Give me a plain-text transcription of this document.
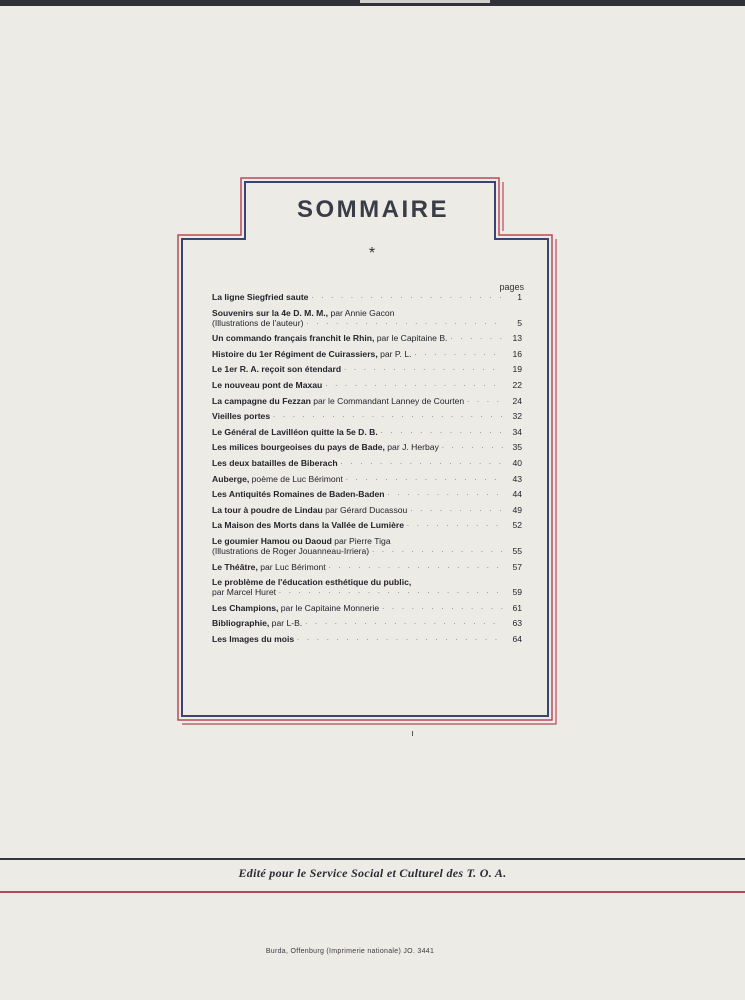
SOMMAIRE
*
pages
La ligne Siegfried saute . . .	1
Souvenirs sur la 4e D. M. M., par Annie Gacon
(Illustrations de l'auteur) . . .	5
Un commando français franchit le Rhin, par le Capitaine B. . . .	13
Histoire du 1er Régiment de Cuirassiers, par P. L. . . .	16
Le 1er R. A. reçoit son étendard . . .	19
Le nouveau pont de Maxau . . .	22
La campagne du Fezzan par le Commandant Lanney de Courten . . .	24
Vieilles portes . . .	32
Le Général de Lavilléon quitte la 5e D. B. . . .	34
Les milices bourgeoises du pays de Bade, par J. Herbay . . .	35
Les deux batailles de Biberach . . .	40
Auberge, poème de Luc Bérimont . . .	43
Les Antiquités Romaines de Baden-Baden . . .	44
La tour à poudre de Lindau par Gérard Ducassou . . .	49
La Maison des Morts dans la Vallée de Lumière . . .	52
Le goumier Hamou ou Daoud par Pierre Tiga
(Illustrations de Roger Jouanneau-Irriera) . . .	55
Le Théâtre, par Luc Bérimont . . .	57
Le problème de l'éducation esthétique du public,
par Marcel Huret . . .	59
Les Champions, par le Capitaine Monnerie . . .	61
Bibliographie, par L-B. . . .	63
Les Images du mois . . .	64
Edité pour le Service Social et Culturel des T. O. A.
Burda, Offenburg (Imprimerie nationale) JO. 3441
